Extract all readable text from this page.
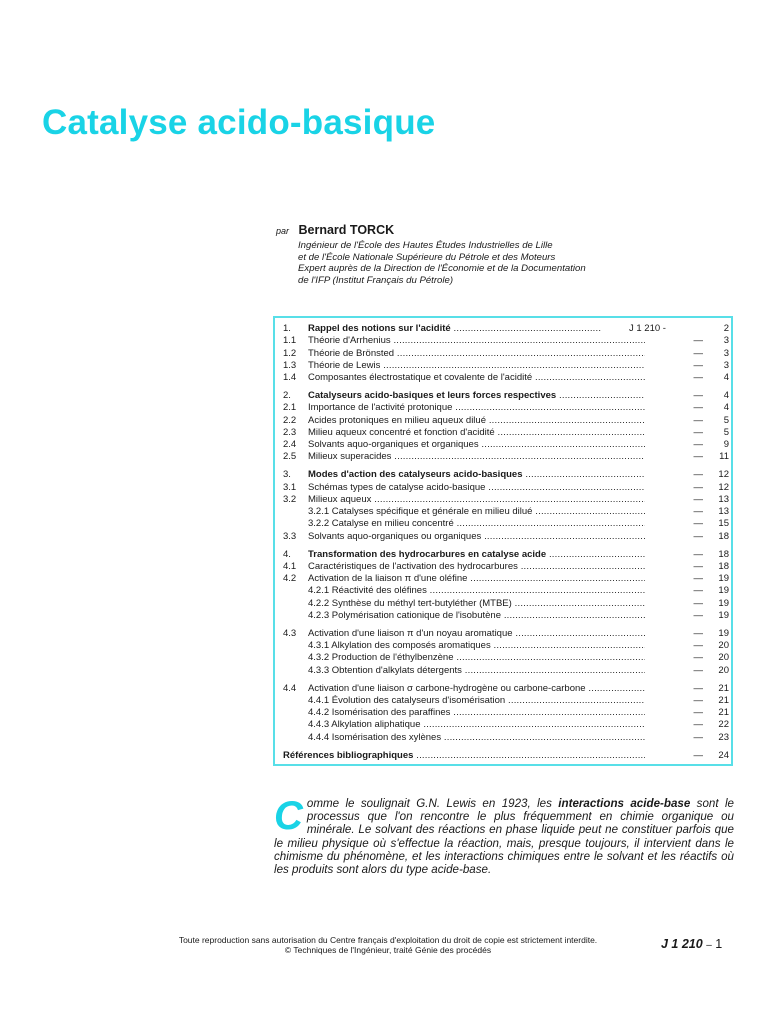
Catalyse acido-basique
par Bernard TORCK
Ingénieur de l'École des Hautes Études Industrielles de Lille
et de l'École Nationale Supérieure du Pétrole et des Moteurs
Expert auprès de la Direction de l'Économie et de la Documentation
de l'IFP (Institut Français du Pétrole)
1.	Rappel des notions sur l'acidité .....	J 1 210 -	2
1.1	Théorie d'Arrhenius .....	—	3
1.2	Théorie de Brönsted .....	—	3
1.3	Théorie de Lewis .....	—	3
1.4	Composantes électrostatique et covalente de l'acidité .....	—	4
2.	Catalyseurs acido-basiques et leurs forces respectives .....	—	4
2.1	Importance de l'activité protonique .....	—	4
2.2	Acides protoniques en milieu aqueux dilué .....	—	5
2.3	Milieu aqueux concentré et fonction d'acidité .....	—	5
2.4	Solvants aquo-organiques et organiques .....	—	9
2.5	Milieux superacides .....	—	11
3.	Modes d'action des catalyseurs acido-basiques .....	—	12
3.1	Schémas types de catalyse acido-basique .....	—	12
3.2	Milieux aqueux .....	—	13
3.2.1 Catalyses spécifique et générale en milieu dilué .....	—	13
3.2.2 Catalyse en milieu concentré .....	—	15
3.3	Solvants aquo-organiques ou organiques .....	—	18
4.	Transformation des hydrocarbures en catalyse acide .....	—	18
4.1	Caractéristiques de l'activation des hydrocarbures .....	—	18
4.2	Activation de la liaison π d'une oléfine .....	—	19
4.2.1 Réactivité des oléfines .....	—	19
4.2.2 Synthèse du méthyl tert-butyléther (MTBE) .....	—	19
4.2.3 Polymérisation cationique de l'isobutène .....	—	19
4.3	Activation d'une liaison π d'un noyau aromatique .....	—	19
4.3.1 Alkylation des composés aromatiques .....	—	20
4.3.2 Production de l'éthylbenzène .....	—	20
4.3.3 Obtention d'alkylats détergents .....	—	20
4.4	Activation d'une liaison σ carbone-hydrogène ou carbone-carbone .....	—	21
4.4.1 Évolution des catalyseurs d'isomérisation .....	—	21
4.4.2 Isomérisation des paraffines .....	—	21
4.4.3 Alkylation aliphatique .....	—	22
4.4.4 Isomérisation des xylènes .....	—	23
Références bibliographiques .....	—	24
Comme le soulignait G.N. Lewis en 1923, les interactions acide-base sont le processus que l'on rencontre le plus fréquemment en chimie organique ou minérale. Le solvant des réactions en phase liquide peut ne constituer parfois que le milieu physique où s'effectue la réaction, mais, presque toujours, il intervient dans le chimisme du phénomène, et les interactions chimiques entre le solvant et les réactifs où les produits sont alors du type acide-base.
Toute reproduction sans autorisation du Centre français d'exploitation du droit de copie est strictement interdite.
© Techniques de l'Ingénieur, traité Génie des procédés	J 1 210 – 1
